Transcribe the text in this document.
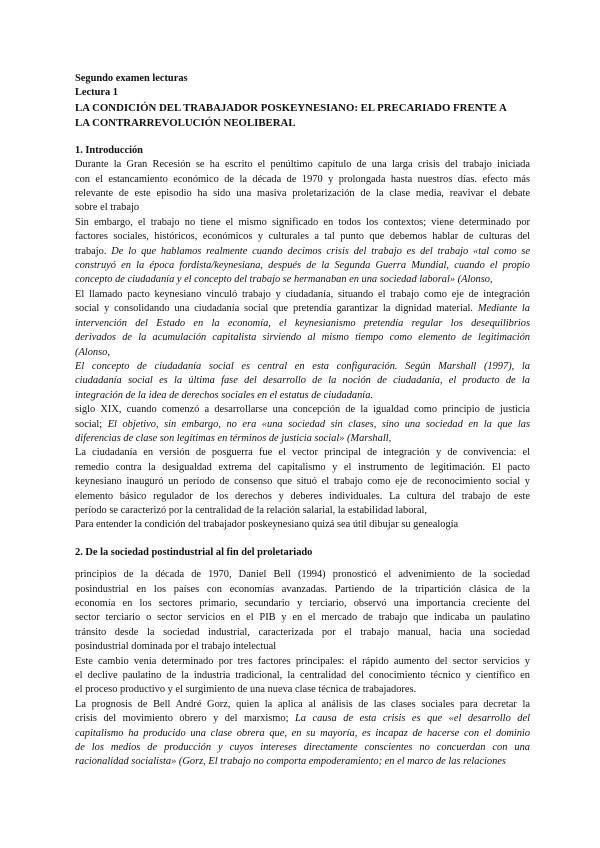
Segundo examen lecturas
Lectura 1
LA CONDICIÓN DEL TRABAJADOR POSKEYNESIANO: EL PRECARIADO FRENTE A
LA CONTRARREVOLUCIÓN NEOLIBERAL
1. Introducción
Durante la Gran Recesión se ha escrito el penúltimo capítulo de una larga crisis del trabajo iniciada
con el estancamiento económico de la década de 1970 y prolongada hasta nuestros días. efecto más
relevante de este episodio ha sido una masiva proletarización de la clase media, reavivar el debate
sobre el trabajo
Sin embargo, el trabajo no tiene el mismo significado en todos los contextos; viene determinado por
factores sociales, históricos, económicos y culturales a tal punto que debemos hablar de culturas del
trabajo. De lo que hablamos realmente cuando decimos crisis del trabajo es del trabajo «tal como se
construyó en la época fordista/keynesiana, después de la Segunda Guerra Mundial, cuando el propio
concepto de ciudadanía y el concepto del trabajo se hermanaban en una sociedad laboral» (Alonso,
El llamado pacto keynesiano vinculó trabajo y ciudadanía, situando el trabajo como eje de integración
social y consolidando una ciudadanía social que pretendía garantizar la dignidad material. Mediante la
intervención del Estado en la economía, el keynesianismo pretendía regular los desequilibrios
derivados de la acumulación capitalista sirviendo al mismo tiempo como elemento de legitimación
(Alonso,
El concepto de ciudadanía social es central en esta configuración. Según Marshall (1997), la
ciudadanía social es la última fase del desarrollo de la noción de ciudadanía, el producto de la
integración de la idea de derechos sociales en el estatus de ciudadanía.
siglo XIX, cuando comenzó a desarrollarse una concepción de la igualdad como principio de justicia
social; El objetivo, sin embargo, no era «una sociedad sin clases, sino una sociedad en la que las
diferencias de clase son legítimas en términos de justicia social» (Marshall,
La ciudadanía en versión de posguerra fue el vector principal de integración y de convivencia: el
remedio contra la desigualdad extrema del capitalismo y el instrumento de legitimación. El pacto
keynesiano inauguró un período de consenso que situó el trabajo como eje de reconocimiento social y
elemento básico regulador de los derechos y deberes individuales. La cultura del trabajo de este
período se caracterizó por la centralidad de la relación salarial, la estabilidad laboral,
Para entender la condición del trabajador poskeynesiano quizá sea útil dibujar su genealogía
2. De la sociedad postindustrial al fin del proletariado
principios de la década de 1970, Daniel Bell (1994) pronosticó el advenimiento de la sociedad
posindustrial en los países con economías avanzadas. Partiendo de la tripartición clásica de la
economía en los sectores primario, secundario y terciario, observó una importancia creciente del
sector terciario o sector servicios en el PIB y en el mercado de trabajo que indicaba un paulatino
tránsito desde la sociedad industrial, caracterizada por el trabajo manual, hacia una sociedad
posindustrial dominada por el trabajo intelectual
Este cambio venía determinado por tres factores principales: el rápido aumento del sector servicios y
el declive paulatino de la industria tradicional, la centralidad del conocimiento técnico y científico en
el proceso productivo y el surgimiento de una nueva clase técnica de trabajadores.
La prognosis de Bell André Gorz, quien la aplica al análisis de las clases sociales para decretar la
crisis del movimiento obrero y del marxismo; La causa de esta crisis es que «el desarrollo del
capitalismo ha producido una clase obrera que, en su mayoría, es incapaz de hacerse con el dominio
de los medios de producción y cuyos intereses directamente conscientes no concuerdan con una
racionalidad socialista» (Gorz, El trabajo no comporta empoderamiento; en el marco de las relaciones
